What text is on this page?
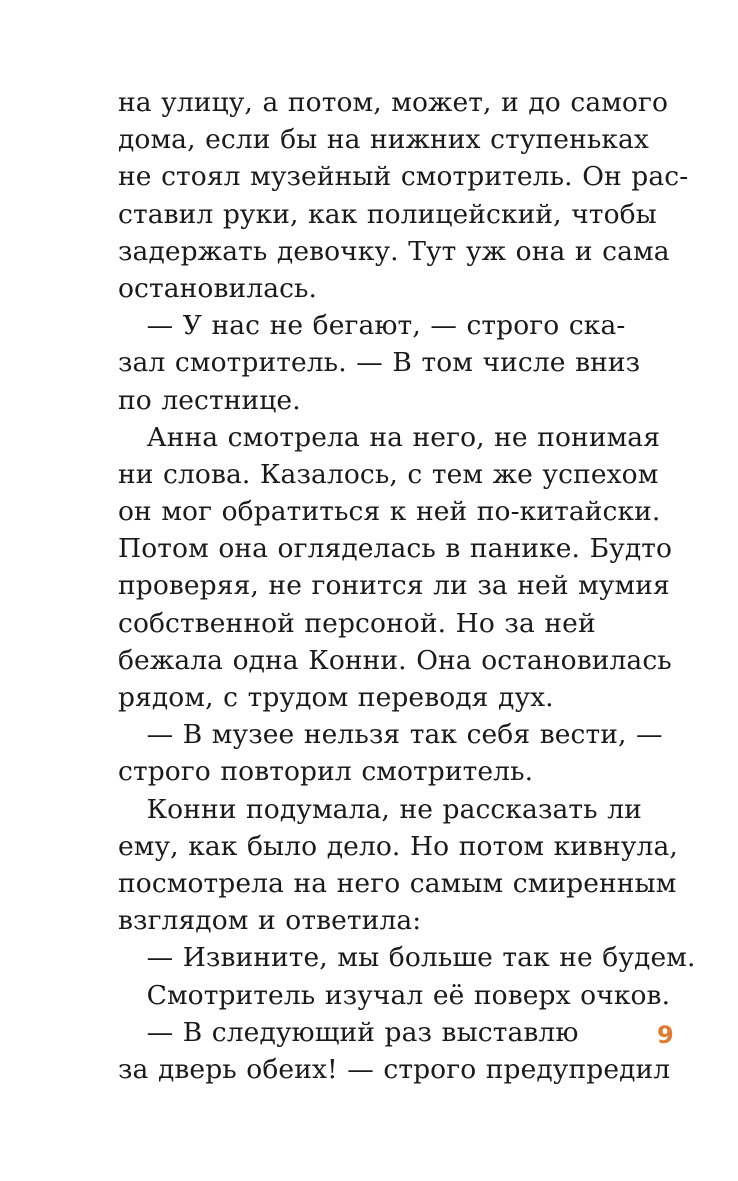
на улицу, а потом, может, и до самого
дома, если бы на нижних ступеньках
не стоял музейный смотритель. Он рас-
ставил руки, как полицейский, чтобы
задержать девочку. Тут уж она и сама
остановилась.
— У нас не бегают, — строго ска-
зал смотритель. — В том числе вниз
по лестнице.
Анна смотрела на него, не понимая
ни слова. Казалось, с тем же успехом
он мог обратиться к ней по-китайски.
Потом она огляделась в панике. Будто
проверяя, не гонится ли за ней мумия
собственной персоной. Но за ней
бежала одна Конни. Она остановилась
рядом, с трудом переводя дух.
— В музее нельзя так себя вести, —
строго повторил смотритель.
Конни подумала, не рассказать ли
ему, как было дело. Но потом кивнула,
посмотрела на него самым смиренным
взглядом и ответила:
— Извините, мы больше так не будем.
Смотритель изучал её поверх очков.
— В следующий раз выставлю
за дверь обеих! — строго предупредил
9
